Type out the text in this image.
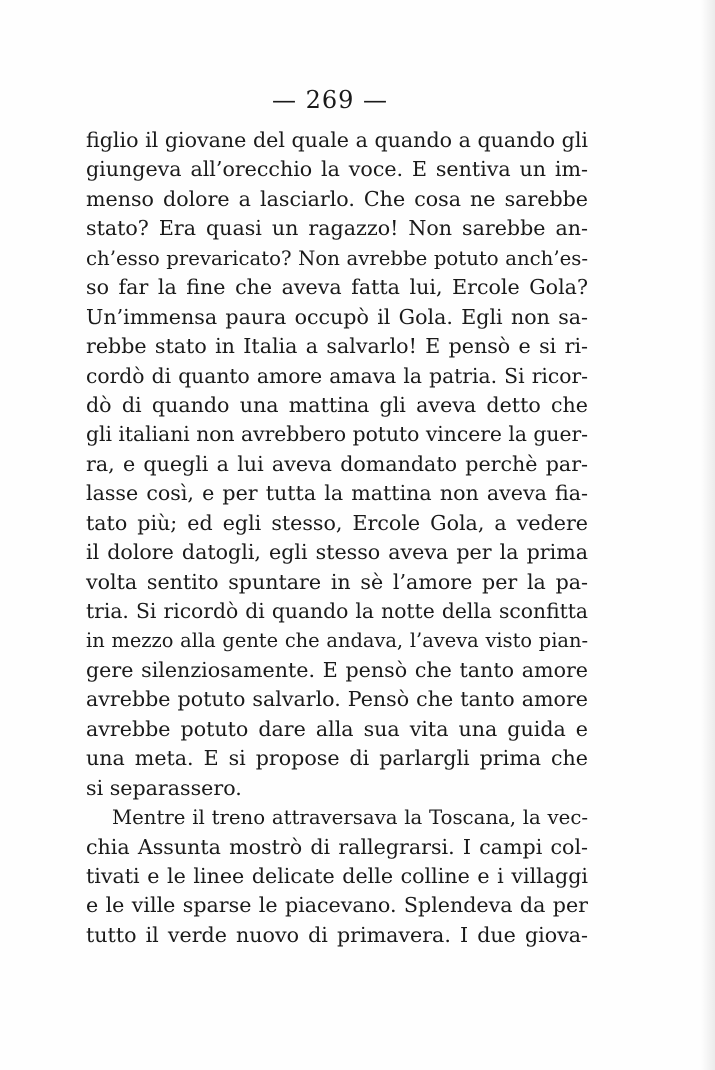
— 269 —
figlio il giovane del quale a quando a quando gli
giungeva all’orecchio la voce. E sentiva un im-
menso dolore a lasciarlo. Che cosa ne sarebbe
stato? Era quasi un ragazzo! Non sarebbe an-
ch’esso prevaricato? Non avrebbe potuto anch’es-
so far la fine che aveva fatta lui, Ercole Gola?
Un’immensa paura occupò il Gola. Egli non sa-
rebbe stato in Italia a salvarlo! E pensò e si ri-
cordò di quanto amore amava la patria. Si ricor-
dò di quando una mattina gli aveva detto che
gli italiani non avrebbero potuto vincere la guer-
ra, e quegli a lui aveva domandato perchè par-
lasse così, e per tutta la mattina non aveva fia-
tato più; ed egli stesso, Ercole Gola, a vedere
il dolore datogli, egli stesso aveva per la prima
volta sentito spuntare in sè l’amore per la pa-
tria. Si ricordò di quando la notte della sconfitta
in mezzo alla gente che andava, l’aveva visto pian-
gere silenziosamente. E pensò che tanto amore
avrebbe potuto salvarlo. Pensò che tanto amore
avrebbe potuto dare alla sua vita una guida e
una meta. E si propose di parlargli prima che
si separassero.
Mentre il treno attraversava la Toscana, la vec-
chia Assunta mostrò di rallegrarsi. I campi col-
tivati e le linee delicate delle colline e i villaggi
e le ville sparse le piacevano. Splendeva da per
tutto il verde nuovo di primavera. I due giova-
